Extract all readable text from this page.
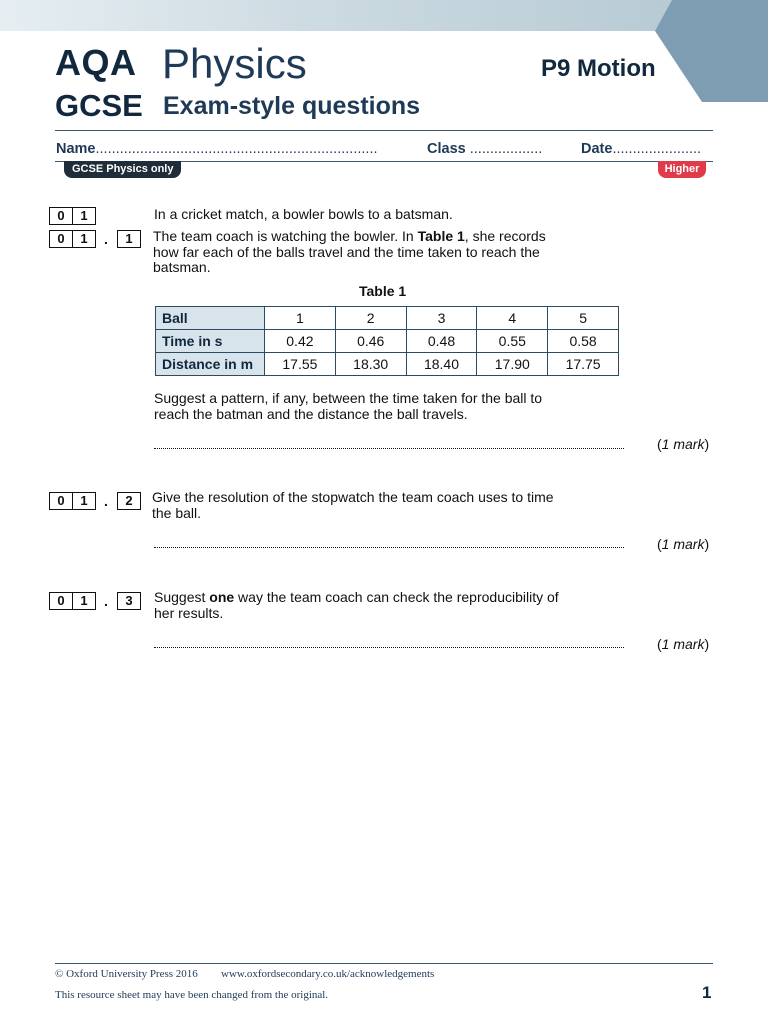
AQA Physics
GCSE Exam-style questions
P9 Motion
Name......................................................................	Class ..................	Date......................
GCSE Physics only	Higher
0	1	In a cricket match, a bowler bowls to a batsman.
0	1	.	1	The team coach is watching the bowler. In Table 1, she records how far each of the balls travel and the time taken to reach the batsman.
Table 1
Ball	1	2	3	4	5
Time in s	0.42	0.46	0.48	0.55	0.58
Distance in m	17.55	18.30	18.40	17.90	17.75
Suggest a pattern, if any, between the time taken for the ball to reach the batman and the distance the ball travels.
(1 mark)
0	1	.	2	Give the resolution of the stopwatch the team coach uses to time the ball.
(1 mark)
0	1	.	3	Suggest one way the team coach can check the reproducibility of her results.
(1 mark)
© Oxford University Press 2016 www.oxfordsecondary.co.uk/acknowledgements
This resource sheet may have been changed from the original.	1
